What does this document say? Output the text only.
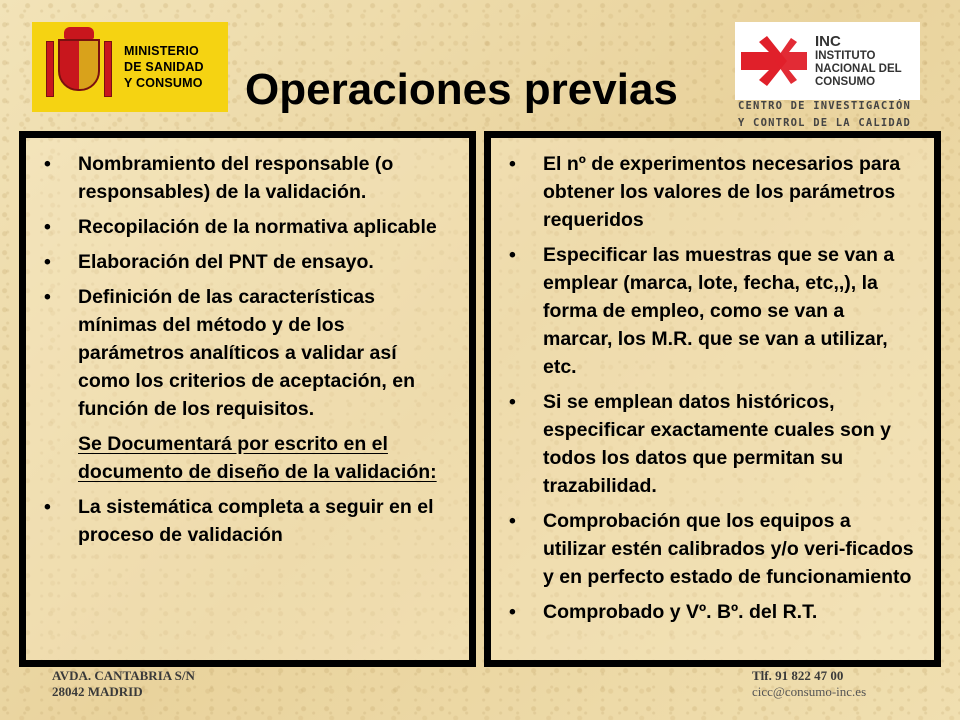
MINISTERIO
DE SANIDAD
Y CONSUMO Operaciones previas
INC
INSTITUTO
NACIONAL DEL
CONSUMO
CENTRO DE INVESTIGACIÓN
Y CONTROL DE LA CALIDAD
• Nombramiento del responsable (o responsables) de la validación.
• Recopilación de la normativa aplicable
• Elaboración del PNT de ensayo.
• Definición de las características mínimas del método y de los parámetros analíticos a validar así como los criterios de aceptación, en función de los requisitos.
Se Documentará por escrito en el documento de diseño de la validación:
• La sistemática completa a seguir en el proceso de validación
• El nº de experimentos necesarios para obtener los valores de los parámetros requeridos
• Especificar las muestras que se van a emplear (marca, lote, fecha, etc,,), la forma de empleo, como se van a marcar, los M.R. que se van a utilizar, etc.
• Si se emplean datos históricos, especificar exactamente cuales son y todos los datos que permitan su trazabilidad.
• Comprobación que los equipos a utilizar estén calibrados y/o veri-ficados y en perfecto estado de funcionamiento
• Comprobado y Vº. Bº. del R.T.
AVDA. CANTABRIA S/N
28042 MADRID
Tlf. 91 822 47 00
cicc@consumo-inc.es
